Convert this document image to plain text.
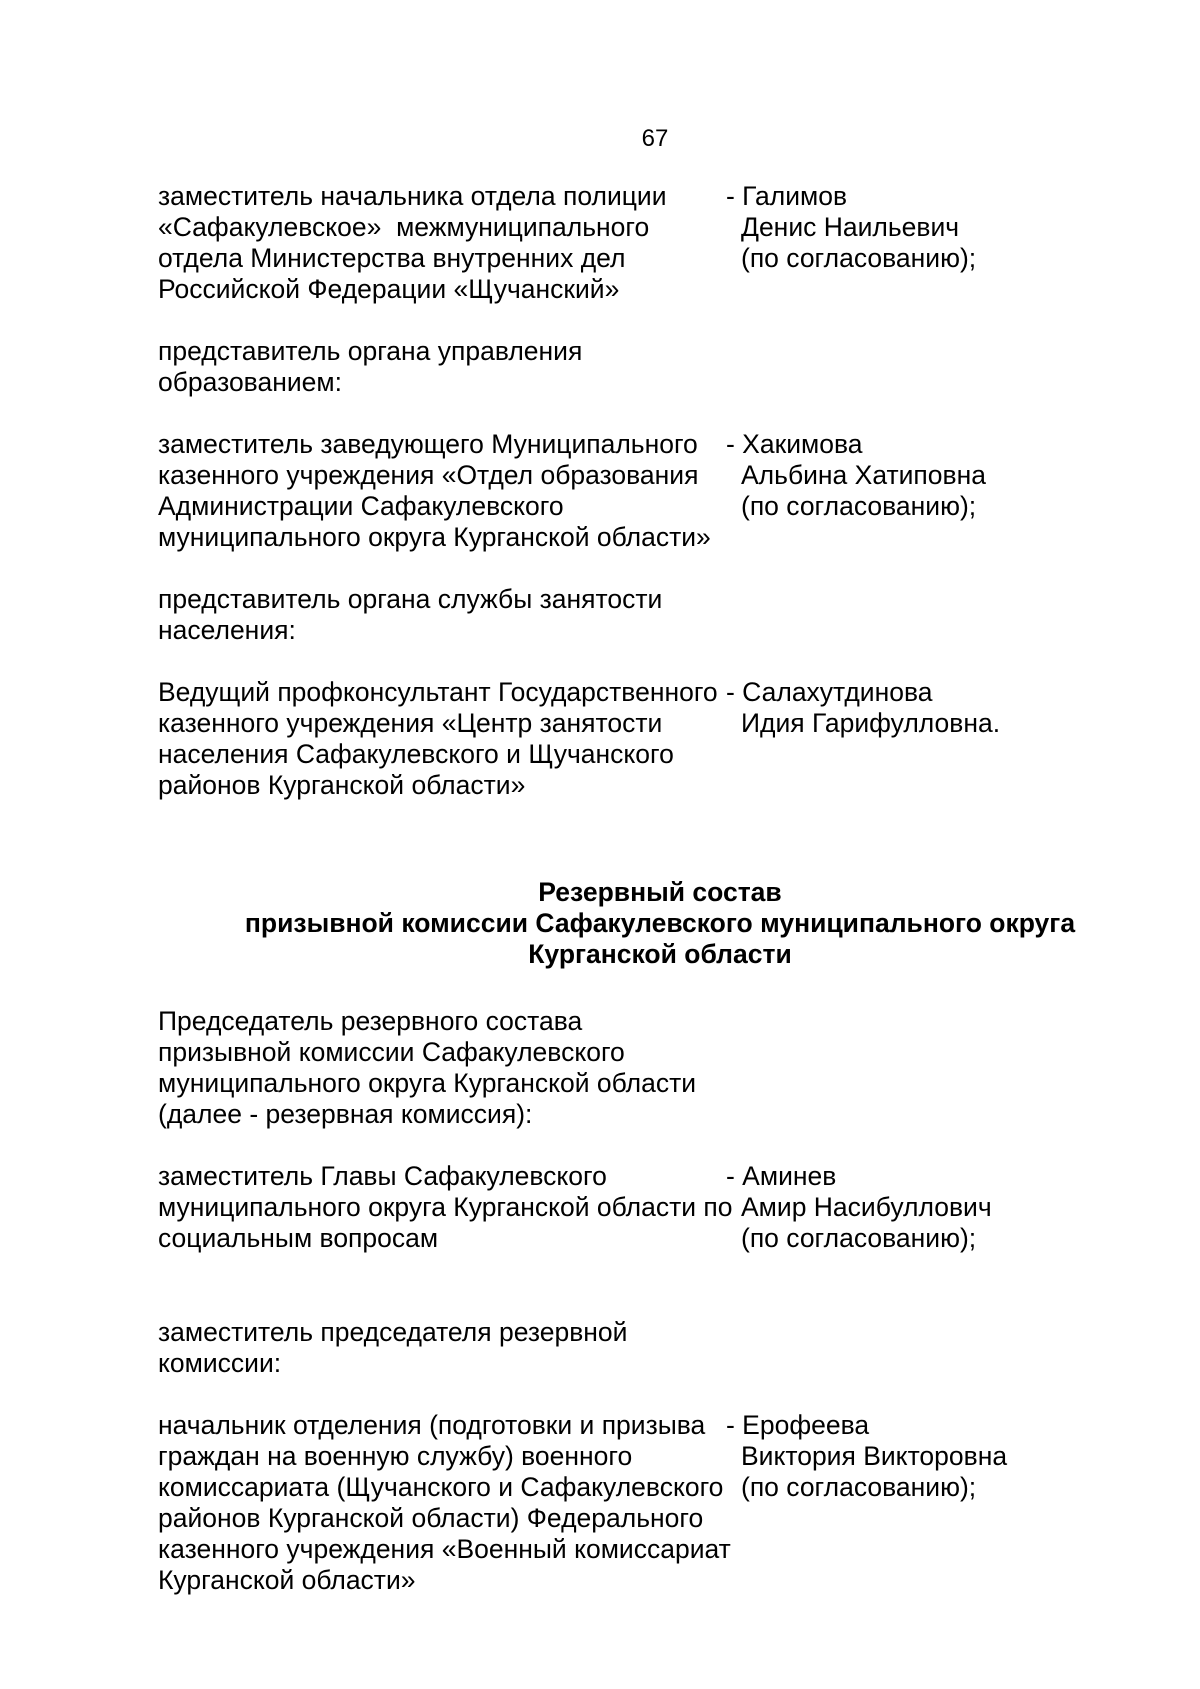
67
заместитель начальника отдела полиции
«Сафакулевское»  межмуниципального
отдела Министерства внутренних дел
Российской Федерации «Щучанский»
- Галимов
Денис Наильевич
(по согласованию);
представитель органа управления
образованием:
заместитель заведующего Муниципального
казенного учреждения «Отдел образования
Администрации Сафакулевского
муниципального округа Курганской области»
- Хакимова
Альбина Хатиповна
(по согласованию);
представитель органа службы занятости
населения:
Ведущий профконсультант Государственного
казенного учреждения «Центр занятости
населения Сафакулевского и Щучанского
районов Курганской области»
- Салахутдинова
Идия Гарифулловна.
Резервный состав
призывной комиссии Сафакулевского муниципального округа
Курганской области
Председатель резервного состава
призывной комиссии Сафакулевского
муниципального округа Курганской области
(далее - резервная комиссия):
заместитель Главы Сафакулевского
муниципального округа Курганской области по
социальным вопросам
- Аминев
Амир Насибуллович
(по согласованию);
заместитель председателя резервной
комиссии:
начальник отделения (подготовки и призыва
граждан на военную службу) военного
комиссариата (Щучанского и Сафакулевского
районов Курганской области) Федерального
казенного учреждения «Военный комиссариат
Курганской области»
- Ерофеева
Виктория Викторовна
(по согласованию);
